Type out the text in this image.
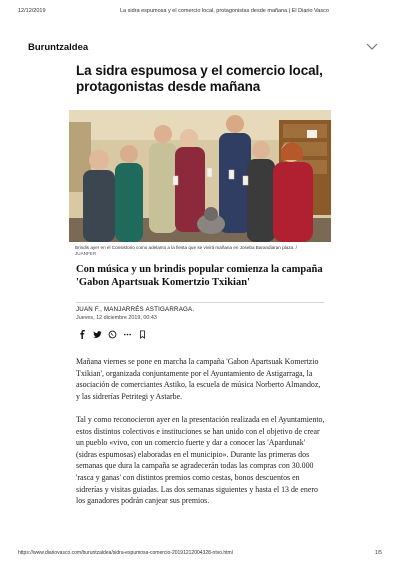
12/12/2019	La sidra espumosa y el comercio local, protagonistas desde mañana | El Diario Vasco
Buruntzaldea
La sidra espumosa y el comercio local, protagonistas desde mañana
Brindis ayer en el Consistorio como adelanto a la fiesta que se vivirá mañana en Joseba Barandiaran plaza. /
JUANFER
Con música y un brindis popular comienza la campaña 'Gabon Apartsuak Komertzio Txikian'
JUAN F., MANJARRÉS ASTIGARRAGA.
Jueves, 12 diciembre 2019, 00:43

Mañana viernes se pone en marcha la campaña 'Gabon Apartsuak Komertzio Txikian', organizada conjuntamente por el Ayuntamiento de Astigarraga, la asociación de comerciantes Astiko, la escuela de música Norberto Almandoz, y las sidrerías Petritegi y Astarbe.

Tal y como reconocieron ayer en la presentación realizada en el Ayuntamiento, estos distintos colectivos e instituciones se han unido con el objetivo de crear un pueblo «vivo, con un comercio fuerte y dar a conocer las 'Apardunak' (sidras espumosas) elaboradas en el municipio». Durante las primeras dos semanas que dura la campaña se agradecerán todas las compras con 30.000 'rasca y ganas' con distintos premios como cestas, bonos descuentos en sidrerías y visitas guiadas. Las dos semanas siguientes y hasta el 13 de enero los ganadores podrán canjear sus premios.

https://www.diariovasco.com/buruntzaldea/sidra-espumosa-comercio-20191212004328-ntvo.html	1/5
